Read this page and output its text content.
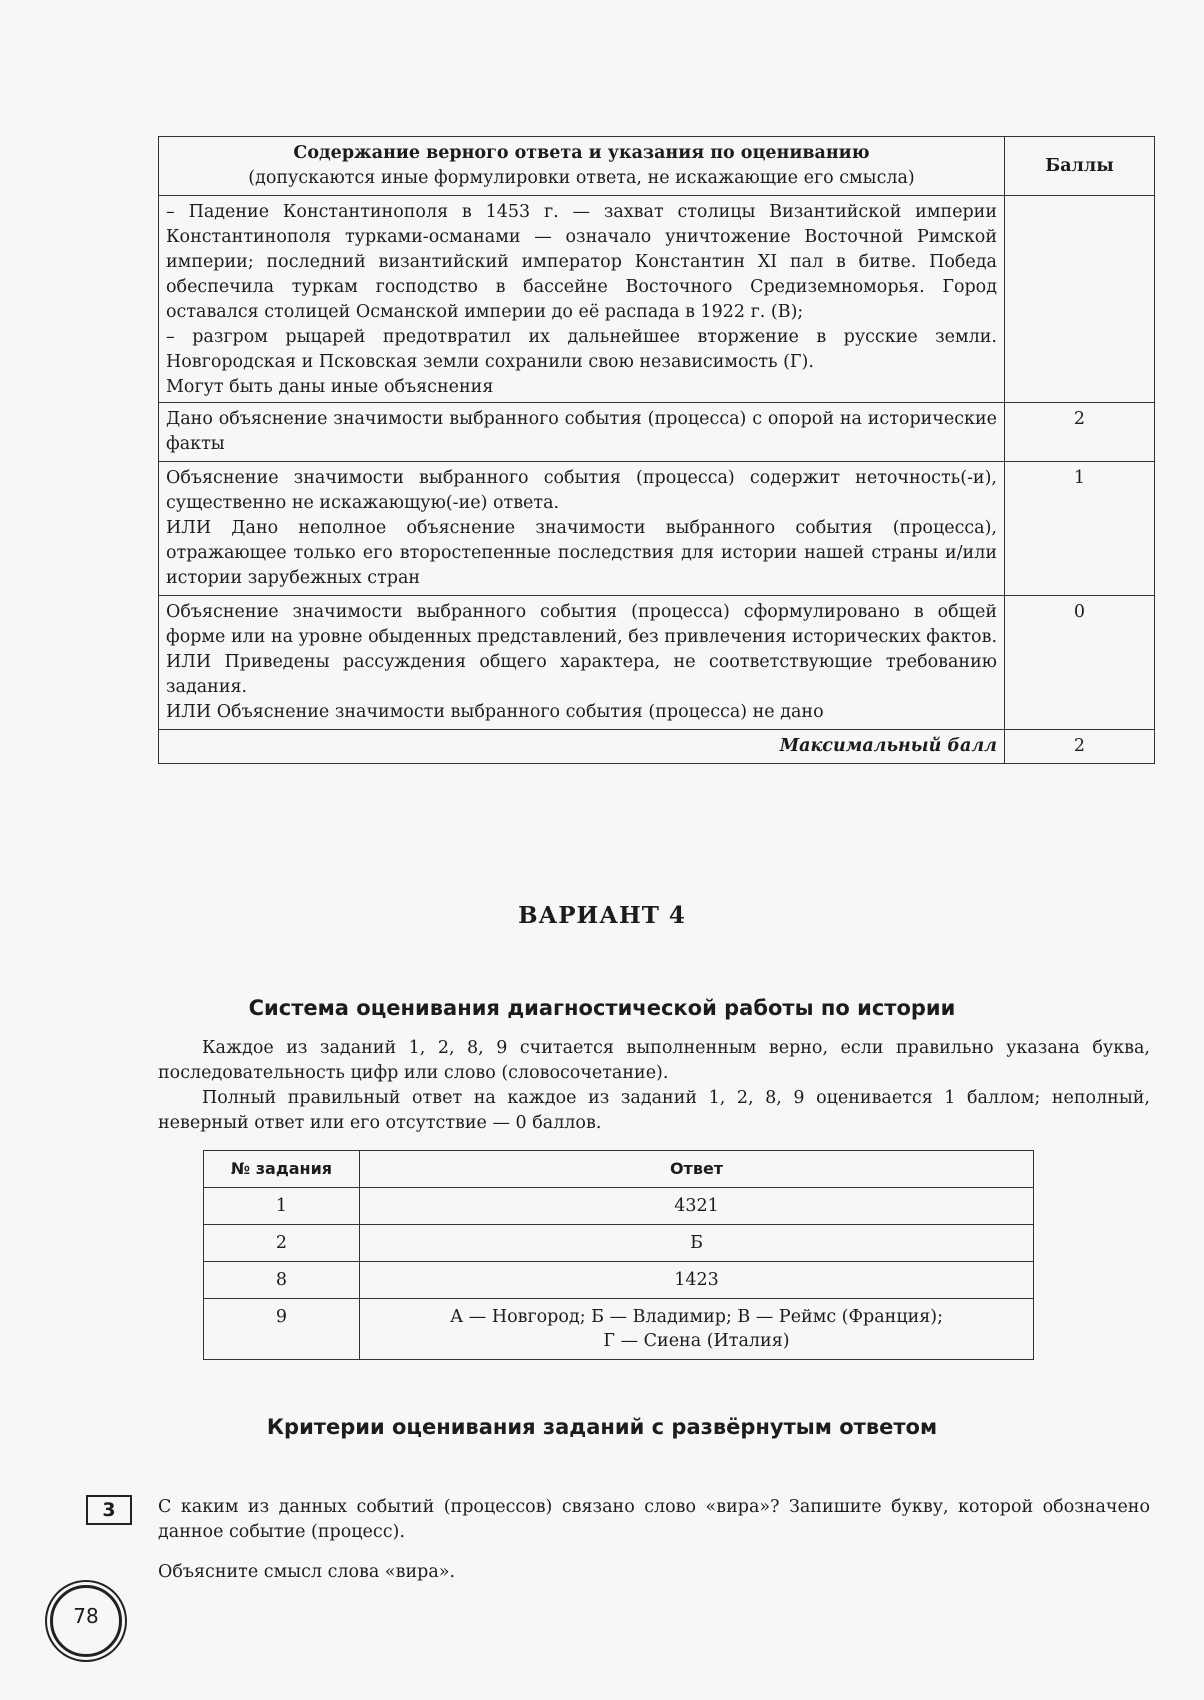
Содержание верного ответа и указания по оцениванию
(допускаются иные формулировки ответа, не искажающие его смысла)	Баллы

– Падение Константинополя в 1453 г. — захват столицы Византийской империи Константинополя турками-османами — означало уничтожение Восточной Римской империи; последний византийский император Константин XI пал в битве. Победа обеспечила туркам господство в бассейне Восточного Средиземноморья. Город оставался столицей Османской империи до её распада в 1922 г. (В);
– разгром рыцарей предотвратил их дальнейшее вторжение в русские земли. Новгородская и Псковская земли сохранили свою независимость (Г).
Могут быть даны иные объяснения	

Дано объяснение значимости выбранного события (процесса) с опорой на исторические факты	2

Объяснение значимости выбранного события (процесса) содержит неточность(-и), существенно не искажающую(-ие) ответа.
ИЛИ Дано неполное объяснение значимости выбранного события (процесса), отражающее только его второстепенные последствия для истории нашей страны и/или истории зарубежных стран	1

Объяснение значимости выбранного события (процесса) сформулировано в общей форме или на уровне обыденных представлений, без привлечения исторических фактов.
ИЛИ Приведены рассуждения общего характера, не соответствующие требованию задания.
ИЛИ Объяснение значимости выбранного события (процесса) не дано	0
Максимальный балл	2
ВАРИАНТ 4
Система оценивания диагностической работы по истории
Каждое из заданий 1, 2, 8, 9 считается выполненным верно, если правильно указана буква, последовательность цифр или слово (словосочетание).
Полный правильный ответ на каждое из заданий 1, 2, 8, 9 оценивается 1 баллом; неполный, неверный ответ или его отсутствие — 0 баллов.
№ задания	Ответ
1	4321
2	Б
8	1423
9	А — Новгород; Б — Владимир; В — Реймс (Франция);
Г — Сиена (Италия)
Критерии оценивания заданий с развёрнутым ответом
3	С каким из данных событий (процессов) связано слово «вира»? Запишите букву, которой обозначено данное событие (процесс).
Объясните смысл слова «вира».
78
